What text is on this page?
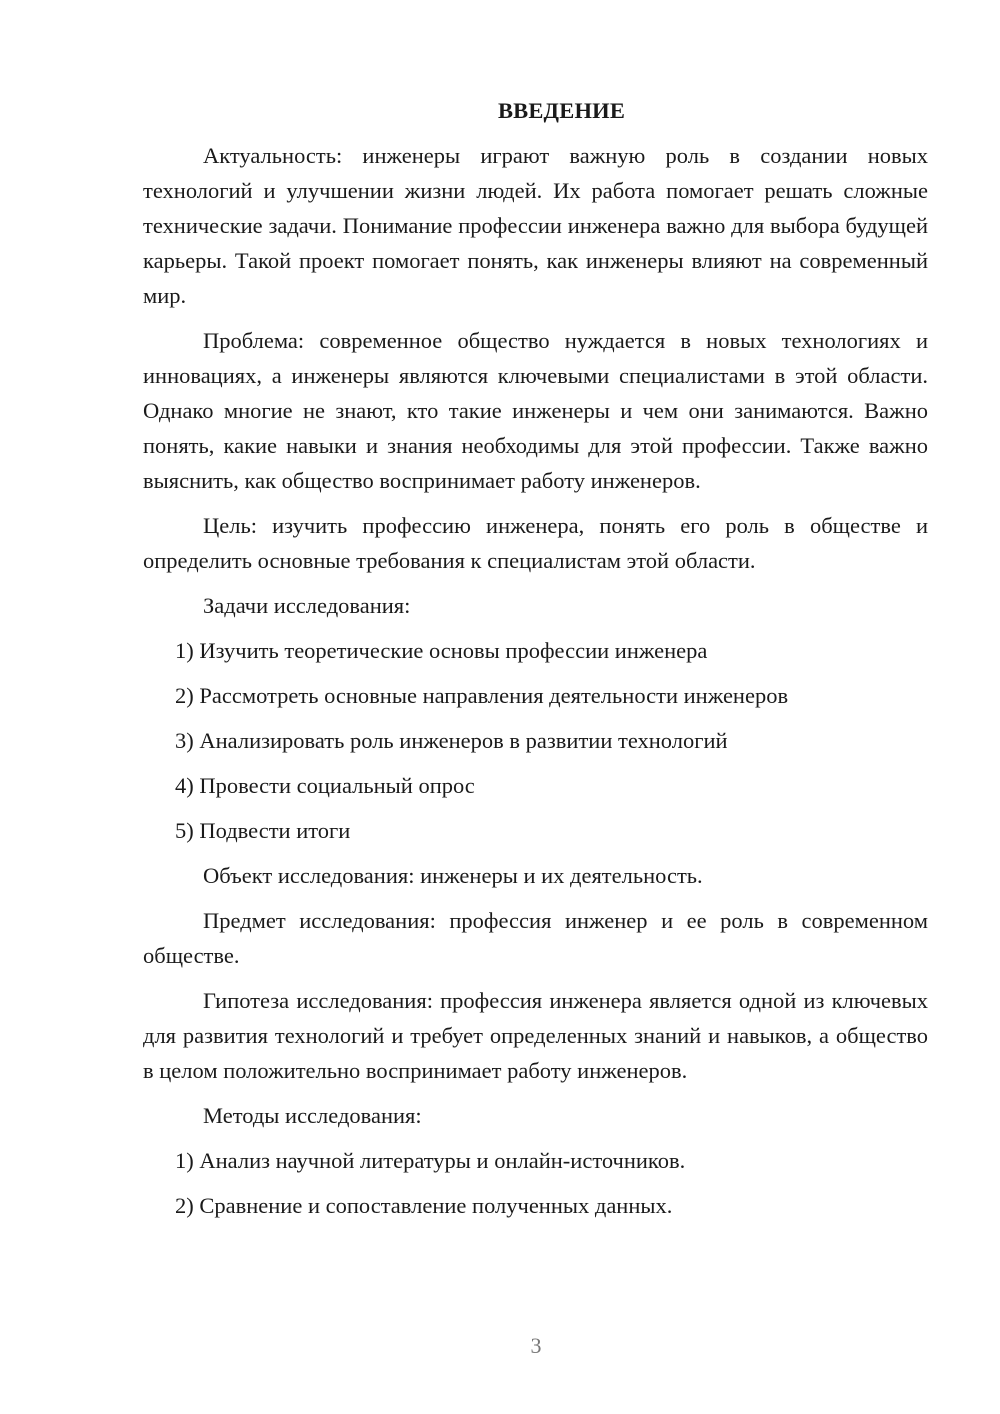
ВВЕДЕНИЕ

Актуальность: инженеры играют важную роль в создании новых технологий и улучшении жизни людей. Их работа помогает решать сложные технические задачи. Понимание профессии инженера важно для выбора будущей карьеры. Такой проект помогает понять, как инженеры влияют на современный мир.

Проблема: современное общество нуждается в новых технологиях и инновациях, а инженеры являются ключевыми специалистами в этой области. Однако многие не знают, кто такие инженеры и чем они занимаются. Важно понять, какие навыки и знания необходимы для этой профессии. Также важно выяснить, как общество воспринимает работу инженеров.

Цель: изучить профессию инженера, понять его роль в обществе и определить основные требования к специалистам этой области.

Задачи исследования:

1) Изучить теоретические основы профессии инженера

2) Рассмотреть основные направления деятельности инженеров

3) Анализировать роль инженеров в развитии технологий

4) Провести социальный опрос

5) Подвести итоги

Объект исследования: инженеры и их деятельность.

Предмет исследования: профессия инженер и ее роль в современном обществе.

Гипотеза исследования: профессия инженера является одной из ключевых для развития технологий и требует определенных знаний и навыков, а общество в целом положительно воспринимает работу инженеров.

Методы исследования:

1) Анализ научной литературы и онлайн-источников.

2) Сравнение и сопоставление полученных данных.

3
